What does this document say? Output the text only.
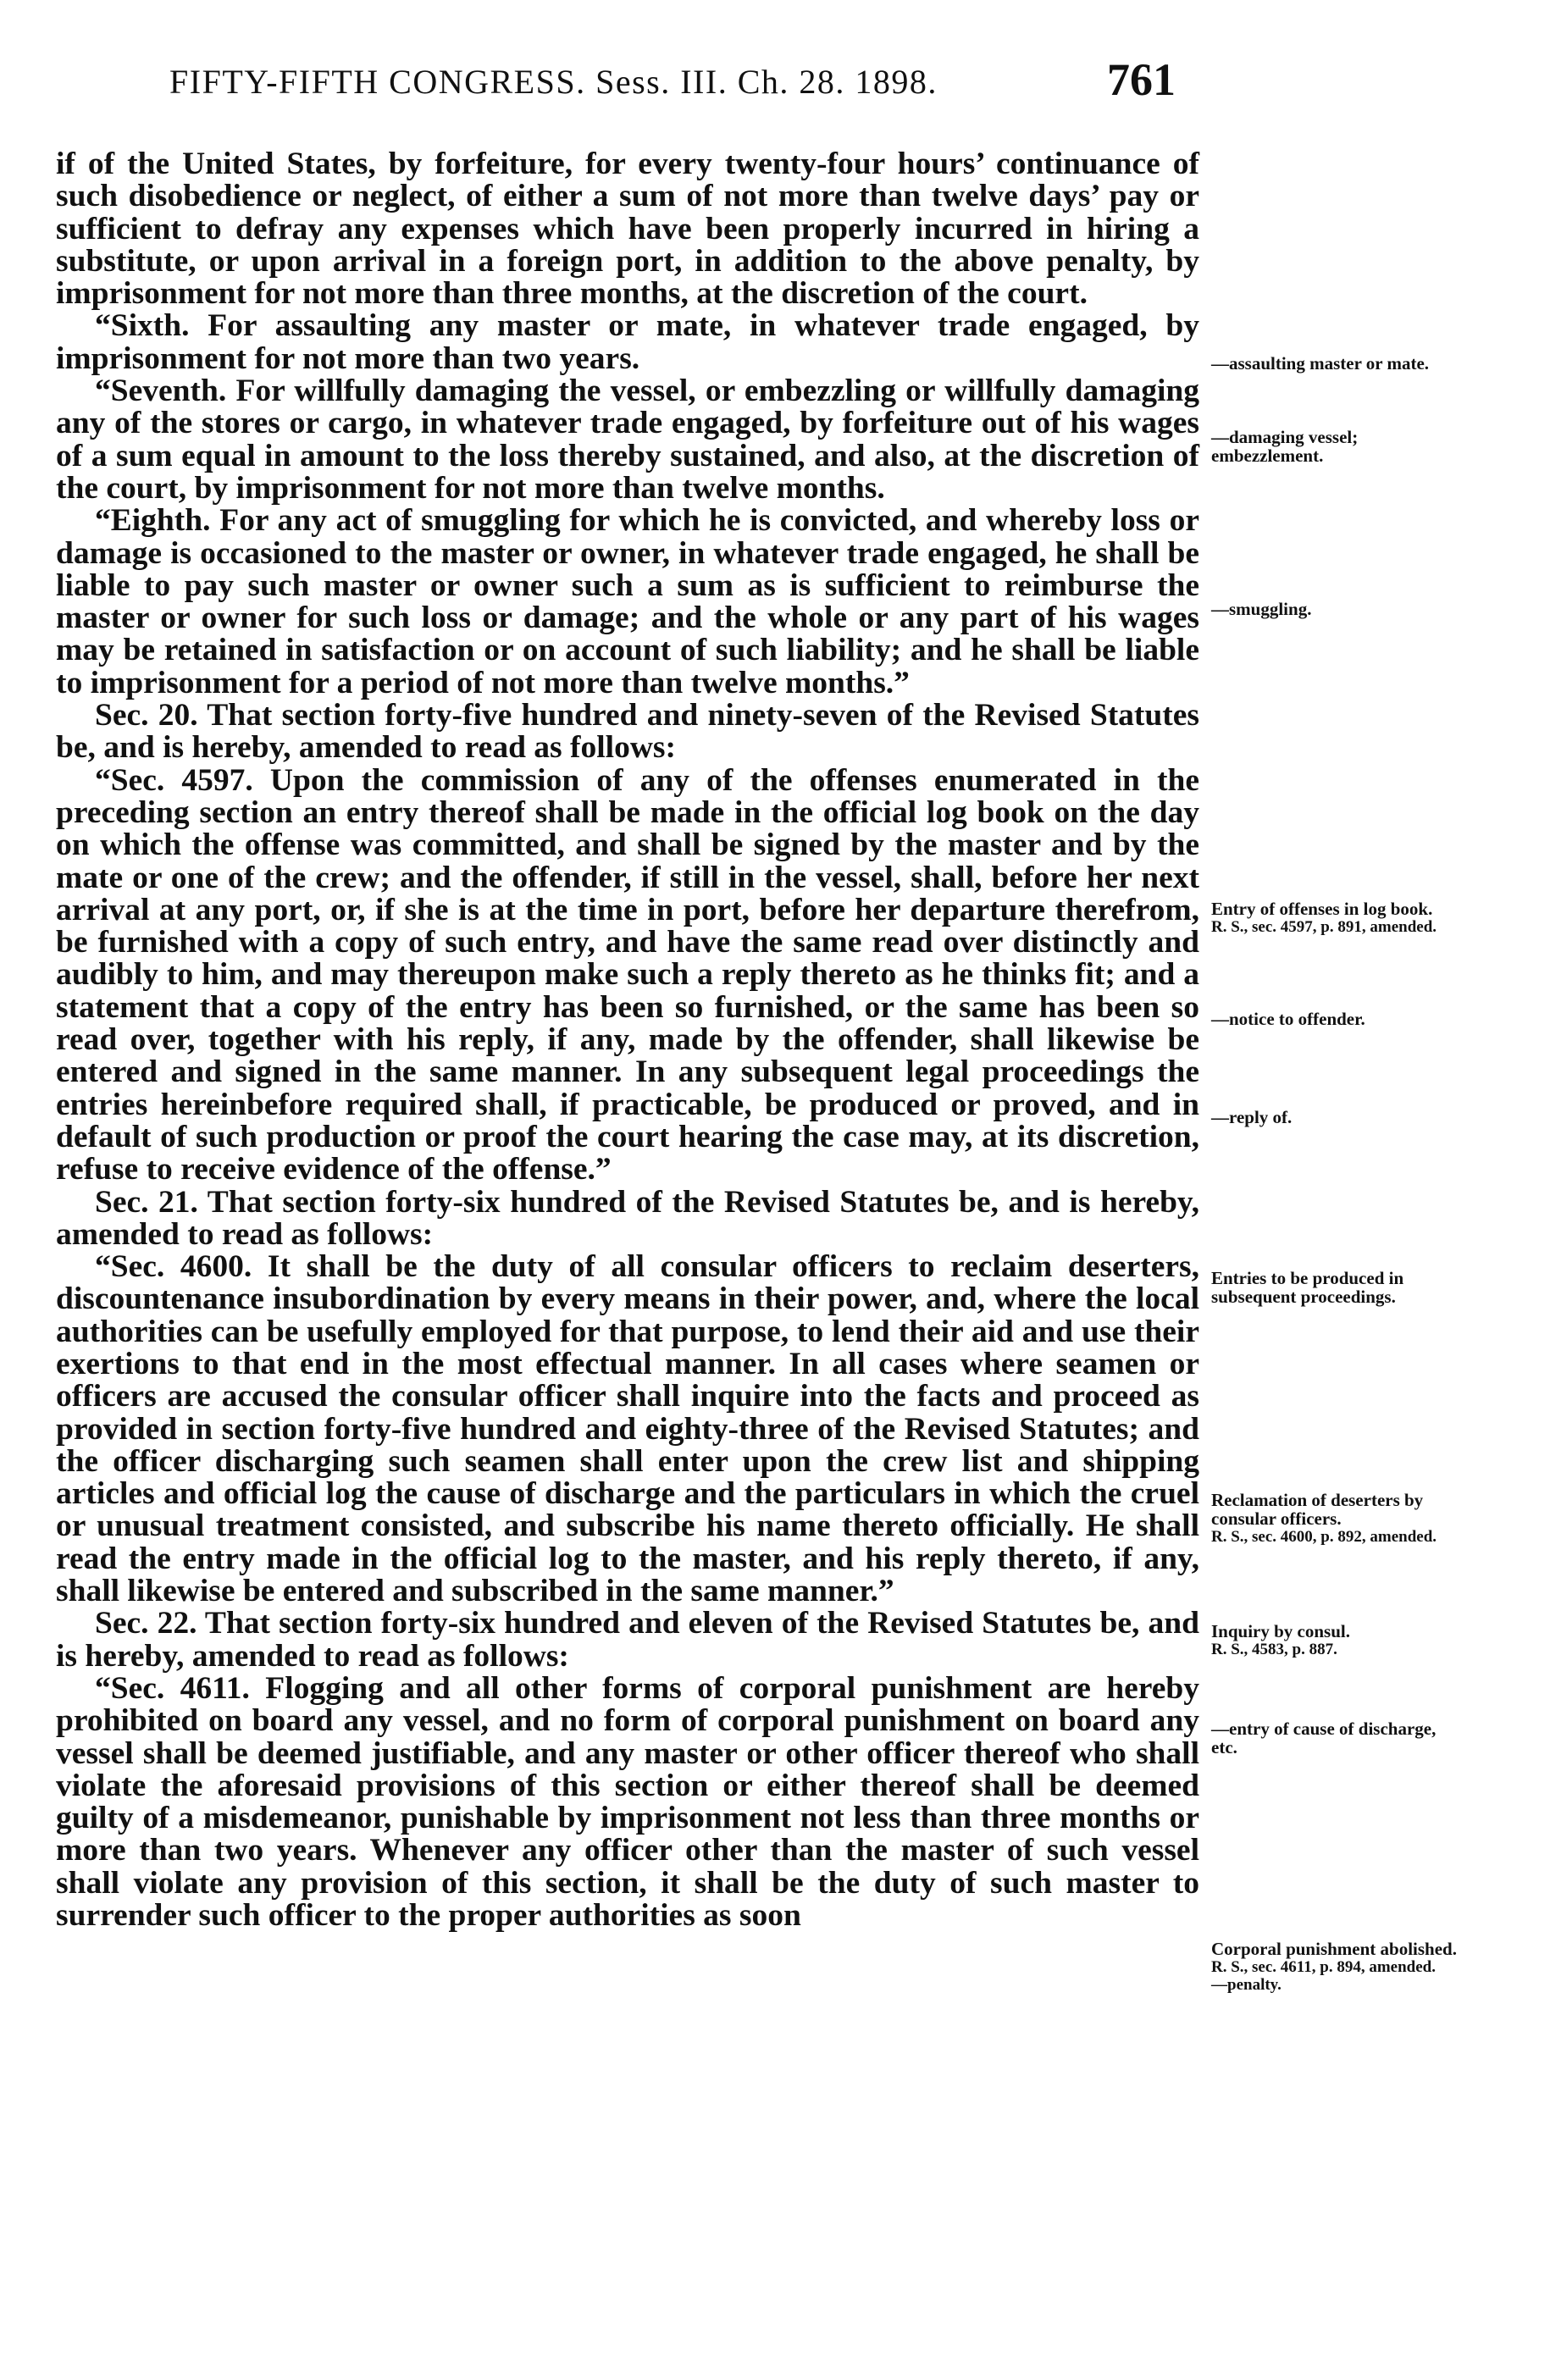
FIFTY-FIFTH CONGRESS. Sess. III. Ch. 28. 1898.	761

if of the United States, by forfeiture, for every twenty-four hours’ continuance of such disobedience or neglect, of either a sum of not more than twelve days’ pay or sufficient to defray any expenses which have been properly incurred in hiring a substitute, or upon arrival in a foreign port, in addition to the above penalty, by imprisonment for not more than three months, at the discretion of the court.

“Sixth. For assaulting any master or mate, in whatever trade engaged, by imprisonment for not more than two years.

“Seventh. For willfully damaging the vessel, or embezzling or willfully damaging any of the stores or cargo, in whatever trade engaged, by forfeiture out of his wages of a sum equal in amount to the loss thereby sustained, and also, at the discretion of the court, by imprisonment for not more than twelve months.

“Eighth. For any act of smuggling for which he is convicted, and whereby loss or damage is occasioned to the master or owner, in whatever trade engaged, he shall be liable to pay such master or owner such a sum as is sufficient to reimburse the master or owner for such loss or damage; and the whole or any part of his wages may be retained in satisfaction or on account of such liability; and he shall be liable to imprisonment for a period of not more than twelve months.”

Sec. 20. That section forty-five hundred and ninety-seven of the Revised Statutes be, and is hereby, amended to read as follows:

“Sec. 4597. Upon the commission of any of the offenses enumerated in the preceding section an entry thereof shall be made in the official log book on the day on which the offense was committed, and shall be signed by the master and by the mate or one of the crew; and the offender, if still in the vessel, shall, before her next arrival at any port, or, if she is at the time in port, before her departure therefrom, be furnished with a copy of such entry, and have the same read over distinctly and audibly to him, and may thereupon make such a reply thereto as he thinks fit; and a statement that a copy of the entry has been so furnished, or the same has been so read over, together with his reply, if any, made by the offender, shall likewise be entered and signed in the same manner. In any subsequent legal proceedings the entries hereinbefore required shall, if practicable, be produced or proved, and in default of such production or proof the court hearing the case may, at its discretion, refuse to receive evidence of the offense.”

Sec. 21. That section forty-six hundred of the Revised Statutes be, and is hereby, amended to read as follows:

“Sec. 4600. It shall be the duty of all consular officers to reclaim deserters, discountenance insubordination by every means in their power, and, where the local authorities can be usefully employed for that purpose, to lend their aid and use their exertions to that end in the most effectual manner. In all cases where seamen or officers are accused the consular officer shall inquire into the facts and proceed as provided in section forty-five hundred and eighty-three of the Revised Statutes; and the officer discharging such seamen shall enter upon the crew list and shipping articles and official log the cause of discharge and the particulars in which the cruel or unusual treatment consisted, and subscribe his name thereto officially. He shall read the entry made in the official log to the master, and his reply thereto, if any, shall likewise be entered and subscribed in the same manner.”

Sec. 22. That section forty-six hundred and eleven of the Revised Statutes be, and is hereby, amended to read as follows:

“Sec. 4611. Flogging and all other forms of corporal punishment are hereby prohibited on board any vessel, and no form of corporal punishment on board any vessel shall be deemed justifiable, and any master or other officer thereof who shall violate the aforesaid provisions of this section or either thereof shall be deemed guilty of a misdemeanor, punishable by imprisonment not less than three months or more than two years. Whenever any officer other than the master of such vessel shall violate any provision of this section, it shall be the duty of such master to surrender such officer to the proper authorities as soon

—assaulting master or mate.
—damaging vessel; embezzlement.
—smuggling.
Entry of offenses in log book.
R. S., sec. 4597, p. 891, amended.
—notice to offender.
—reply of.
Entries to be produced in subsequent proceedings.
Reclamation of deserters by consular officers.
R. S., sec. 4600, p. 892, amended.
Inquiry by consul.
R. S., 4583, p. 887.
—entry of cause of discharge, etc.
Corporal punishment abolished.
R. S., sec. 4611, p. 894, amended.
—penalty.
